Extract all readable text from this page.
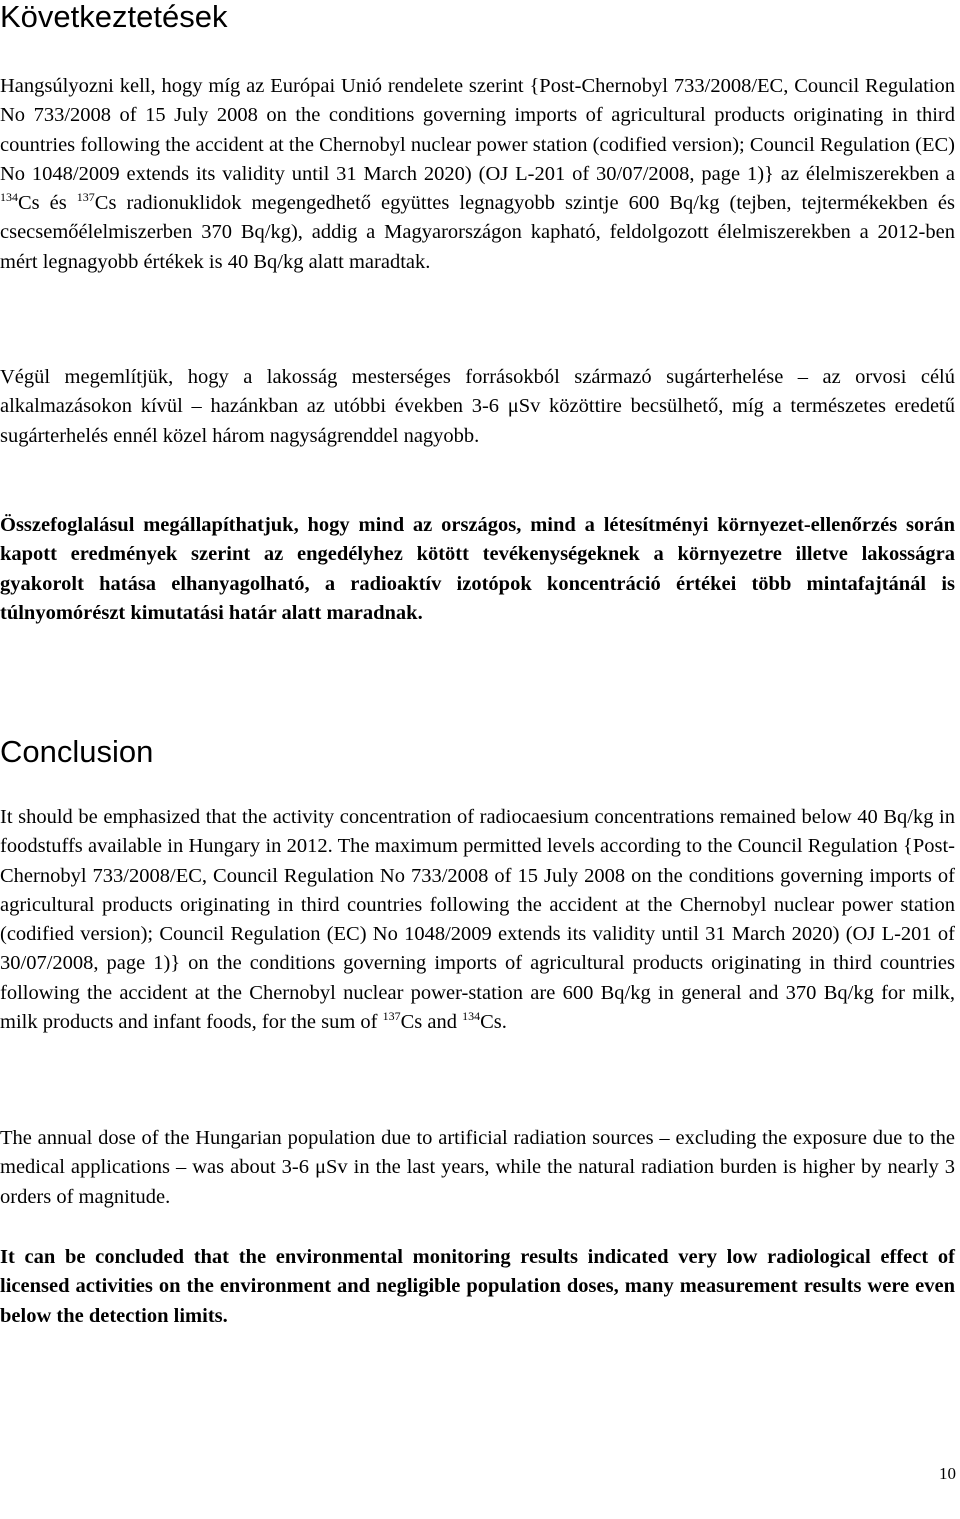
Következtetések

Hangsúlyozni kell, hogy míg az Európai Unió rendelete szerint {Post-Chernobyl 733/2008/EC, Council Regulation No 733/2008 of 15 July 2008 on the conditions governing imports of agricultural products originating in third countries following the accident at the Chernobyl nuclear power station (codified version); Council Regulation (EC) No 1048/2009 extends its validity until 31 March 2020) (OJ L-201 of 30/07/2008, page 1)} az élelmiszerekben a $^{134}$Cs és $^{137}$Cs radionuklidok megengedhető együttes legnagyobb szintje 600 Bq/kg (tejben, tejtermékekben és csecsemőélelmiszerben 370 Bq/kg), addig a Magyarországon kapható, feldolgozott élelmiszerekben a 2012-ben mért legnagyobb értékek is 40 Bq/kg alatt maradtak.

Végül megemlítjük, hogy a lakosság mesterséges forrásokból származó sugárterhelése – az orvosi célú alkalmazásokon kívül – hazánkban az utóbbi években 3-6 μSv közöttire becsülhető, míg a természetes eredetű sugárterhelés ennél közel három nagyságrenddel nagyobb.

Összefoglalásul megállapíthatjuk, hogy mind az országos, mind a létesítményi környezet-ellenőrzés során kapott eredmények szerint az engedélyhez kötött tevékenységeknek a környezetre illetve lakosságra gyakorolt hatása elhanyagolható, a radioaktív izotópok koncentráció értékei több mintafajtánál is túlnyomórészt kimutatási határ alatt maradnak.

Conclusion

It should be emphasized that the activity concentration of radiocaesium concentrations remained below 40 Bq/kg in foodstuffs available in Hungary in 2012. The maximum permitted levels according to the Council Regulation {Post-Chernobyl 733/2008/EC, Council Regulation No 733/2008 of 15 July 2008 on the conditions governing imports of agricultural products originating in third countries following the accident at the Chernobyl nuclear power station (codified version); Council Regulation (EC) No 1048/2009 extends its validity until 31 March 2020) (OJ L-201 of 30/07/2008, page 1)} on the conditions governing imports of agricultural products originating in third countries following the accident at the Chernobyl nuclear power-station are 600 Bq/kg in general and 370 Bq/kg for milk, milk products and infant foods, for the sum of $^{137}$Cs and $^{134}$Cs.

The annual dose of the Hungarian population due to artificial radiation sources – excluding the exposure due to the medical applications – was about 3-6 μSv in the last years, while the natural radiation burden is higher by nearly 3 orders of magnitude.

It can be concluded that the environmental monitoring results indicated very low radiological effect of licensed activities on the environment and negligible population doses, many measurement results were even below the detection limits.

10
